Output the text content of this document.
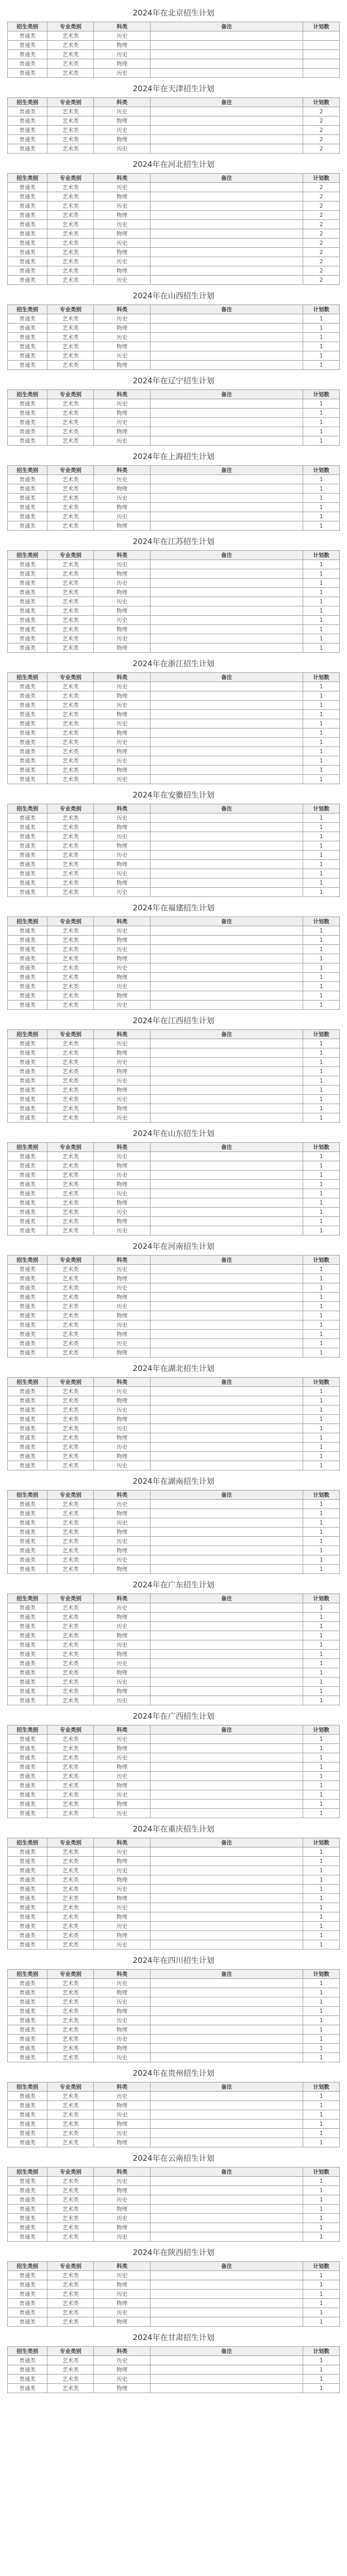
2024年在北京招生计划
招生类别	专业类别	科类	备注	计划数
普通类	艺术类	历史		
普通类	艺术类	物理		
普通类	艺术类	历史		
普通类	艺术类	物理		
普通类	艺术类	历史		
2024年在天津招生计划
招生类别	专业类别	科类	备注	计划数
普通类	艺术类	历史		2
普通类	艺术类	物理		2
普通类	艺术类	历史		2
普通类	艺术类	物理		2
普通类	艺术类	历史		2
2024年在河北招生计划
招生类别	专业类别	科类	备注	计划数
普通类	艺术类	历史		2
普通类	艺术类	物理		2
普通类	艺术类	历史		2
普通类	艺术类	物理		2
普通类	艺术类	历史		2
普通类	艺术类	物理		2
普通类	艺术类	历史		2
普通类	艺术类	物理		2
普通类	艺术类	历史		2
普通类	艺术类	物理		2
普通类	艺术类	历史		2
2024年在山西招生计划
招生类别	专业类别	科类	备注	计划数
普通类	艺术类	历史		1
普通类	艺术类	物理		1
普通类	艺术类	历史		1
普通类	艺术类	物理		1
普通类	艺术类	历史		1
普通类	艺术类	物理		1
2024年在辽宁招生计划
招生类别	专业类别	科类	备注	计划数
普通类	艺术类	历史		1
普通类	艺术类	物理		1
普通类	艺术类	历史		1
普通类	艺术类	物理		1
普通类	艺术类	历史		1
2024年在上海招生计划
招生类别	专业类别	科类	备注	计划数
普通类	艺术类	历史		1
普通类	艺术类	物理		1
普通类	艺术类	历史		1
普通类	艺术类	物理		1
普通类	艺术类	历史		1
普通类	艺术类	物理		1
2024年在江苏招生计划
招生类别	专业类别	科类	备注	计划数
普通类	艺术类	历史		1
普通类	艺术类	物理		1
普通类	艺术类	历史		1
普通类	艺术类	物理		1
普通类	艺术类	历史		1
普通类	艺术类	物理		1
普通类	艺术类	历史		1
普通类	艺术类	物理		1
普通类	艺术类	历史		1
普通类	艺术类	物理		1
2024年在浙江招生计划
招生类别	专业类别	科类	备注	计划数
普通类	艺术类	历史		1
普通类	艺术类	物理		1
普通类	艺术类	历史		1
普通类	艺术类	物理		1
普通类	艺术类	历史		1
普通类	艺术类	物理		1
普通类	艺术类	历史		1
普通类	艺术类	物理		1
普通类	艺术类	历史		1
普通类	艺术类	物理		1
普通类	艺术类	历史		1
2024年在安徽招生计划
招生类别	专业类别	科类	备注	计划数
普通类	艺术类	历史		1
普通类	艺术类	物理		1
普通类	艺术类	历史		1
普通类	艺术类	物理		1
普通类	艺术类	历史		1
普通类	艺术类	物理		1
普通类	艺术类	历史		1
普通类	艺术类	物理		1
普通类	艺术类	历史		1
2024年在福建招生计划
招生类别	专业类别	科类	备注	计划数
普通类	艺术类	历史		1
普通类	艺术类	物理		1
普通类	艺术类	历史		1
普通类	艺术类	物理		1
普通类	艺术类	历史		1
普通类	艺术类	物理		1
普通类	艺术类	历史		1
普通类	艺术类	物理		1
普通类	艺术类	历史		1
2024年在江西招生计划
招生类别	专业类别	科类	备注	计划数
普通类	艺术类	历史		1
普通类	艺术类	物理		1
普通类	艺术类	历史		1
普通类	艺术类	物理		1
普通类	艺术类	历史		1
普通类	艺术类	物理		1
普通类	艺术类	历史		1
普通类	艺术类	物理		1
普通类	艺术类	历史		1
2024年在山东招生计划
招生类别	专业类别	科类	备注	计划数
普通类	艺术类	历史		1
普通类	艺术类	物理		1
普通类	艺术类	历史		1
普通类	艺术类	物理		1
普通类	艺术类	历史		1
普通类	艺术类	物理		1
普通类	艺术类	历史		1
普通类	艺术类	物理		1
普通类	艺术类	历史		1
2024年在河南招生计划
招生类别	专业类别	科类	备注	计划数
普通类	艺术类	历史		1
普通类	艺术类	物理		1
普通类	艺术类	历史		1
普通类	艺术类	物理		1
普通类	艺术类	历史		1
普通类	艺术类	物理		1
普通类	艺术类	历史		1
普通类	艺术类	物理		1
普通类	艺术类	历史		1
普通类	艺术类	物理		1
2024年在湖北招生计划
招生类别	专业类别	科类	备注	计划数
普通类	艺术类	历史		1
普通类	艺术类	物理		1
普通类	艺术类	历史		1
普通类	艺术类	物理		1
普通类	艺术类	历史		1
普通类	艺术类	物理		1
普通类	艺术类	历史		1
普通类	艺术类	物理		1
普通类	艺术类	历史		1
2024年在湖南招生计划
招生类别	专业类别	科类	备注	计划数
普通类	艺术类	历史		1
普通类	艺术类	物理		1
普通类	艺术类	历史		1
普通类	艺术类	物理		1
普通类	艺术类	历史		1
普通类	艺术类	物理		1
普通类	艺术类	历史		1
普通类	艺术类	物理		1
2024年在广东招生计划
招生类别	专业类别	科类	备注	计划数
普通类	艺术类	历史		1
普通类	艺术类	物理		1
普通类	艺术类	历史		1
普通类	艺术类	物理		1
普通类	艺术类	历史		1
普通类	艺术类	物理		1
普通类	艺术类	历史		1
普通类	艺术类	物理		1
普通类	艺术类	历史		1
普通类	艺术类	物理		1
普通类	艺术类	历史		1
2024年在广西招生计划
招生类别	专业类别	科类	备注	计划数
普通类	艺术类	历史		1
普通类	艺术类	物理		1
普通类	艺术类	历史		1
普通类	艺术类	物理		1
普通类	艺术类	历史		1
普通类	艺术类	物理		1
普通类	艺术类	历史		1
普通类	艺术类	物理		1
普通类	艺术类	历史		1
2024年在重庆招生计划
招生类别	专业类别	科类	备注	计划数
普通类	艺术类	历史		1
普通类	艺术类	物理		1
普通类	艺术类	历史		1
普通类	艺术类	物理		1
普通类	艺术类	历史		1
普通类	艺术类	物理		1
普通类	艺术类	历史		1
普通类	艺术类	物理		1
普通类	艺术类	历史		1
普通类	艺术类	物理		1
普通类	艺术类	历史		1
2024年在四川招生计划
招生类别	专业类别	科类	备注	计划数
普通类	艺术类	历史		1
普通类	艺术类	物理		1
普通类	艺术类	历史		1
普通类	艺术类	物理		1
普通类	艺术类	历史		1
普通类	艺术类	物理		1
普通类	艺术类	历史		1
普通类	艺术类	物理		1
普通类	艺术类	历史		1
2024年在贵州招生计划
招生类别	专业类别	科类	备注	计划数
普通类	艺术类	历史		1
普通类	艺术类	物理		1
普通类	艺术类	历史		1
普通类	艺术类	物理		1
普通类	艺术类	历史		1
普通类	艺术类	物理		1
2024年在云南招生计划
招生类别	专业类别	科类	备注	计划数
普通类	艺术类	历史		1
普通类	艺术类	物理		1
普通类	艺术类	历史		1
普通类	艺术类	物理		1
普通类	艺术类	历史		1
普通类	艺术类	物理		1
普通类	艺术类	历史		1
2024年在陕西招生计划
招生类别	专业类别	科类	备注	计划数
普通类	艺术类	历史		1
普通类	艺术类	物理		1
普通类	艺术类	历史		1
普通类	艺术类	物理		1
普通类	艺术类	历史		1
普通类	艺术类	物理		1
2024年在甘肃招生计划
招生类别	专业类别	科类	备注	计划数
普通类	艺术类	历史		1
普通类	艺术类	物理		1
普通类	艺术类	历史		1
普通类	艺术类	物理		1
